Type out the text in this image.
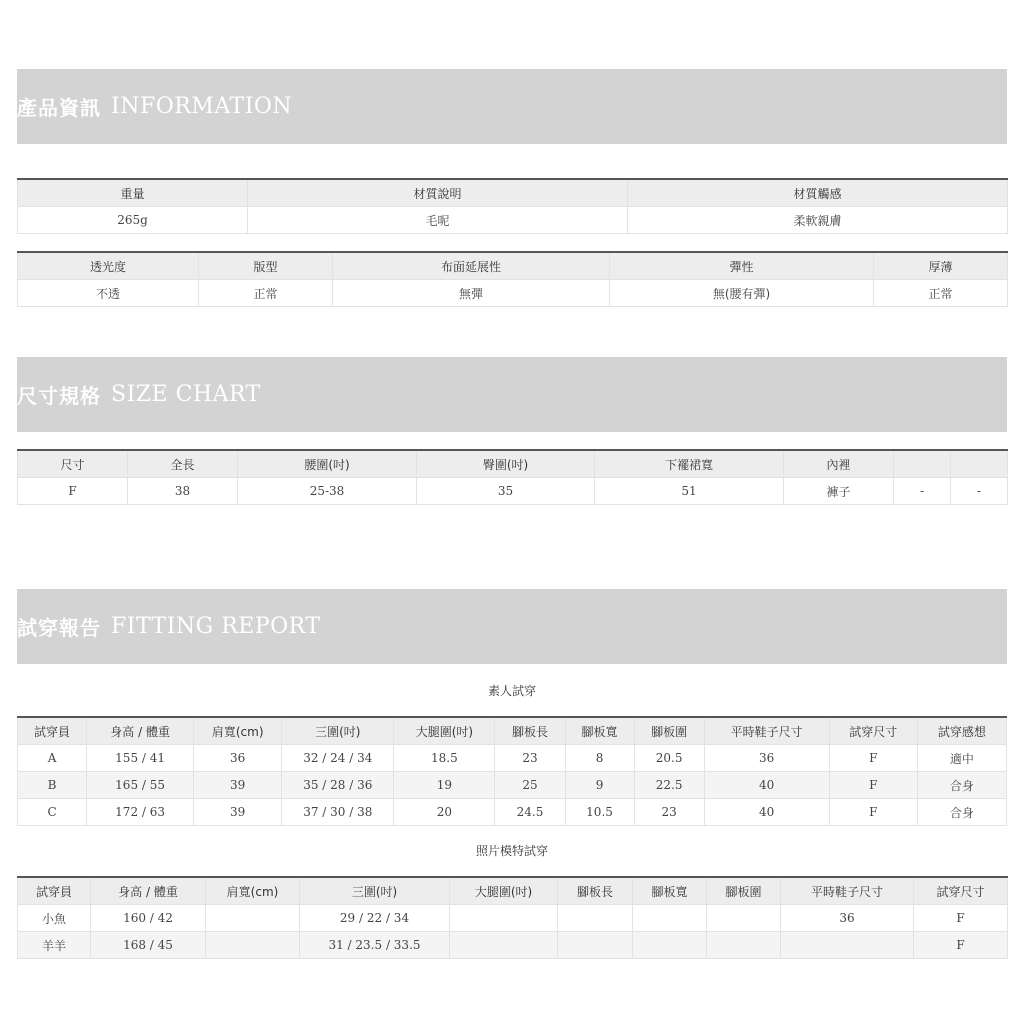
產品資訊 INFORMATION
重量	材質說明	材質觸感
265g	毛呢	柔軟親膚
透光度	版型	布面延展性	彈性	厚薄
不透	正常	無彈	無(腰有彈)	正常
尺寸規格 SIZE CHART
尺寸	全長	腰圍(吋)	臀圍(吋)	下襬裙寬	內裡		
F	38	25-38	35	51	褲子	-	-
試穿報告 FITTING REPORT
素人試穿
試穿員	身高 / 體重	肩寬(cm)	三圍(吋)	大腿圍(吋)	腳板長	腳板寬	腳板圍	平時鞋子尺寸	試穿尺寸	試穿感想
A	155 / 41	36	32 / 24 / 34	18.5	23	8	20.5	36	F	適中
B	165 / 55	39	35 / 28 / 36	19	25	9	22.5	40	F	合身
C	172 / 63	39	37 / 30 / 38	20	24.5	10.5	23	40	F	合身
照片模特試穿
試穿員	身高 / 體重	肩寬(cm)	三圍(吋)	大腿圍(吋)	腳板長	腳板寬	腳板圍	平時鞋子尺寸	試穿尺寸
小魚	160 / 42		29 / 22 / 34					36	F
羊羊	168 / 45		31 / 23.5 / 33.5						F
